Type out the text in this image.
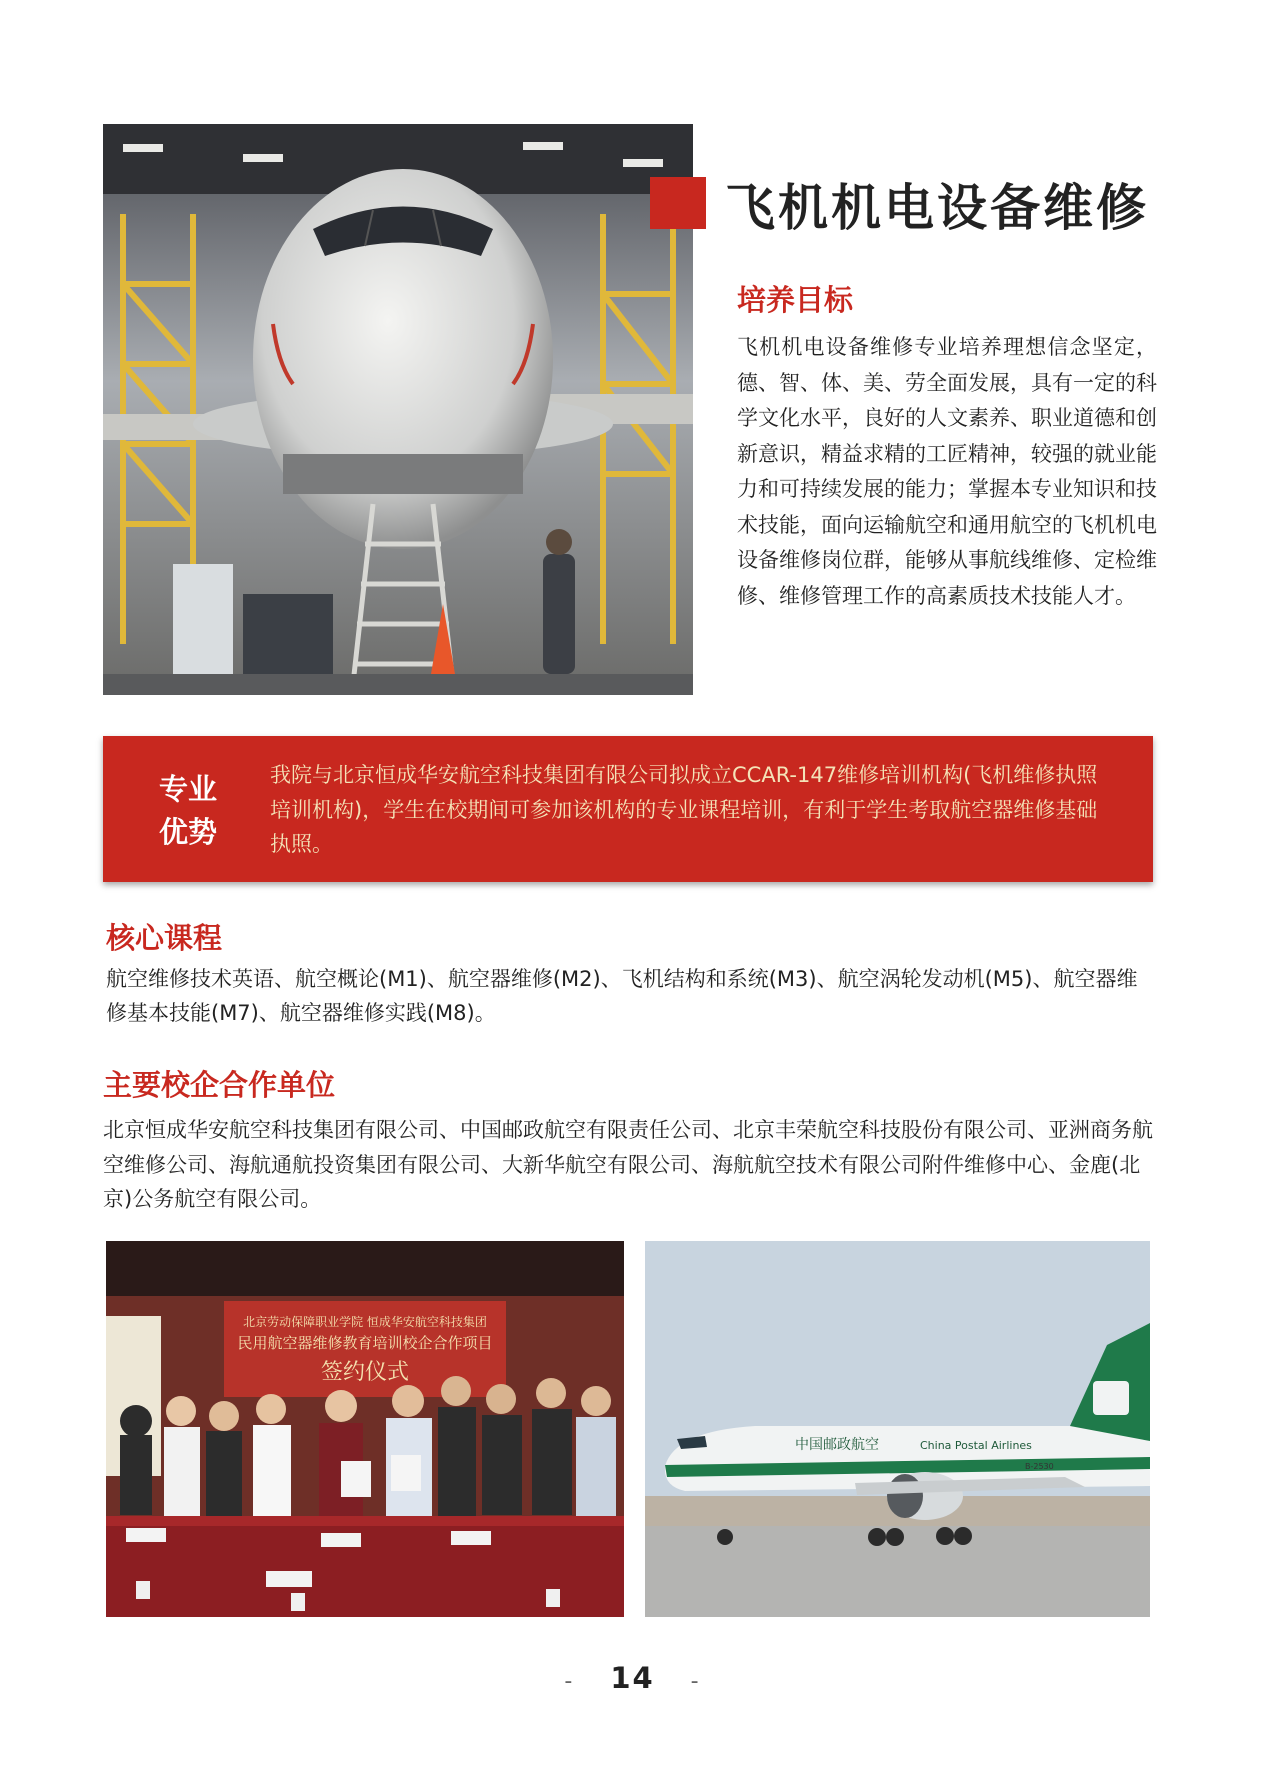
飞机机电设备维修
培养目标
飞机机电设备维修专业培养理想信念坚定，德、智、体、美、劳全面发展，具有一定的科学文化水平，良好的人文素养、职业道德和创新意识，精益求精的工匠精神，较强的就业能力和可持续发展的能力；掌握本专业知识和技术技能，面向运输航空和通用航空的飞机机电设备维修岗位群，能够从事航线维修、定检维修、维修管理工作的高素质技术技能人才。
专业
优势
我院与北京恒成华安航空科技集团有限公司拟成立CCAR-147维修培训机构(飞机维修执照培训机构)，学生在校期间可参加该机构的专业课程培训，有利于学生考取航空器维修基础执照。
核心课程
航空维修技术英语、航空概论(M1)、航空器维修(M2)、飞机结构和系统(M3)、航空涡轮发动机(M5)、航空器维修基本技能(M7)、航空器维修实践(M8)。
主要校企合作单位
北京恒成华安航空科技集团有限公司、中国邮政航空有限责任公司、北京丰荣航空科技股份有限公司、亚洲商务航空维修公司、海航通航投资集团有限公司、大新华航空有限公司、海航航空技术有限公司附件维修中心、金鹿(北京)公务航空有限公司。
北京劳动保障职业学院 恒成华安航空科技集团
民用航空器维修教育培训校企合作项目
签约仪式
中国邮政航空	China Postal Airlines
B-2530
- 14 -
